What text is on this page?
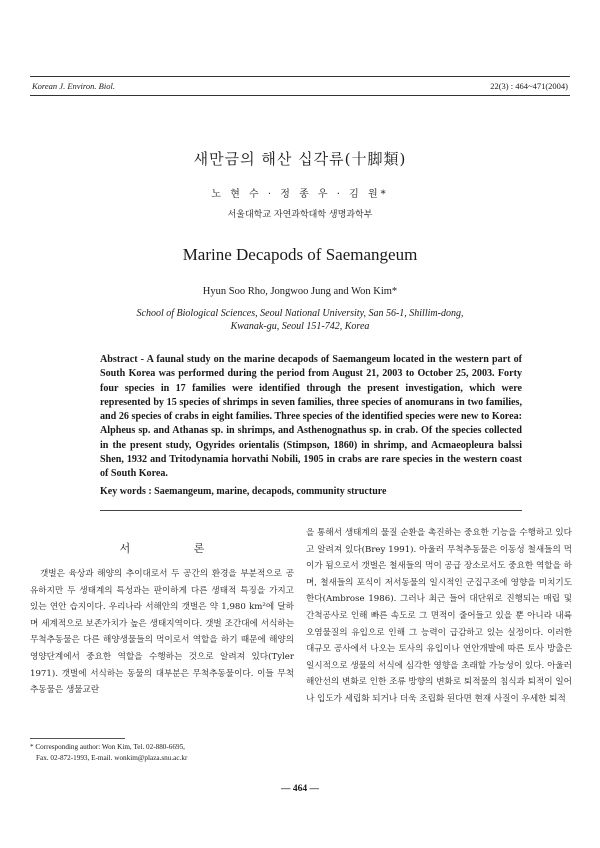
Korean J. Environ. Biol.	22(3) : 464~471(2004)
새만금의 해산 십각류(十脚類)
노 현 수 · 정 종 우 · 김 원*
서울대학교 자연과학대학 생명과학부
Marine Decapods of Saemangeum
Hyun Soo Rho, Jongwoo Jung and Won Kim*
School of Biological Sciences, Seoul National University, San 56-1, Shillim-dong,
Kwanak-gu, Seoul 151-742, Korea
Abstract - A faunal study on the marine decapods of Saemangeum located in the western part of South Korea was performed during the period from August 21, 2003 to October 25, 2003. Forty four species in 17 families were identified through the present investigation, which were represented by 15 species of shrimps in seven families, three species of anomurans in two families, and 26 species of crabs in eight families. Three species of the identified species were new to Korea: Alpheus sp. and Athanas sp. in shrimps, and Asthenognathus sp. in crab. Of the species collected in the present study, Ogyrides orientalis (Stimpson, 1860) in shrimp, and Acmaeopleura balssi Shen, 1932 and Tritodynamia horvathi Nobili, 1905 in crabs are rare species in the western coast of South Korea.
Key words : Saemangeum, marine, decapods, community structure
서 론

갯벌은 육상과 해양의 추이대로서 두 공간의 환경을 부분적으로 공유하지만 두 생태계의 특성과는 판이하게 다른 생태적 특징을 가지고 있는 연안 습지이다. 우리나라 서해안의 갯벌은 약 1,980 km²에 달하며 세계적으로 보존가치가 높은 생태지역이다. 갯벌 조간대에 서식하는 무척추동물은 다른 해양생물들의 먹이로서 역할을 하기 때문에 해양의 영양단계에서 중요한 역할을 수행하는 것으로 알려져 있다(Tyler 1971). 갯벌에 서식하는 동물의 대부분은 무척추동물이다. 이들 무척추동물은 생물교란

을 통해서 생태계의 물질 순환을 촉진하는 중요한 기능을 수행하고 있다고 알려져 있다(Brey 1991). 아울러 무척추동물은 이동성 철새들의 먹이가 됨으로서 갯벌은 철새들의 먹이 공급 장소로서도 중요한 역할을 하며, 철새들의 포식이 저서동물의 일시적인 군집구조에 영향을 미치기도 한다(Ambrose 1986). 그러나 최근 들어 대단위로 진행되는 매립 및 간척공사로 인해 빠른 속도로 그 면적이 줄어들고 있을 뿐 아니라 내륙 오염물질의 유입으로 인해 그 능력이 급감하고 있는 실정이다. 이러한 대규모 공사에서 나오는 토사의 유입이나 연안개발에 따른 토사 방출은 일시적으로 생물의 서식에 심각한 영향을 초래할 가능성이 있다. 아울러 해안선의 변화로 인한 조류 방향의 변화로 퇴적물의 침식과 퇴적이 일어나 입도가 세립화 되거나 더욱 조립화 된다면 현재 사질이 우세한 퇴적

* Corresponding author: Won Kim, Tel. 02-880-6695,
Fax. 02-872-1993, E-mail. wonkim@plaza.snu.ac.kr
— 464 —
